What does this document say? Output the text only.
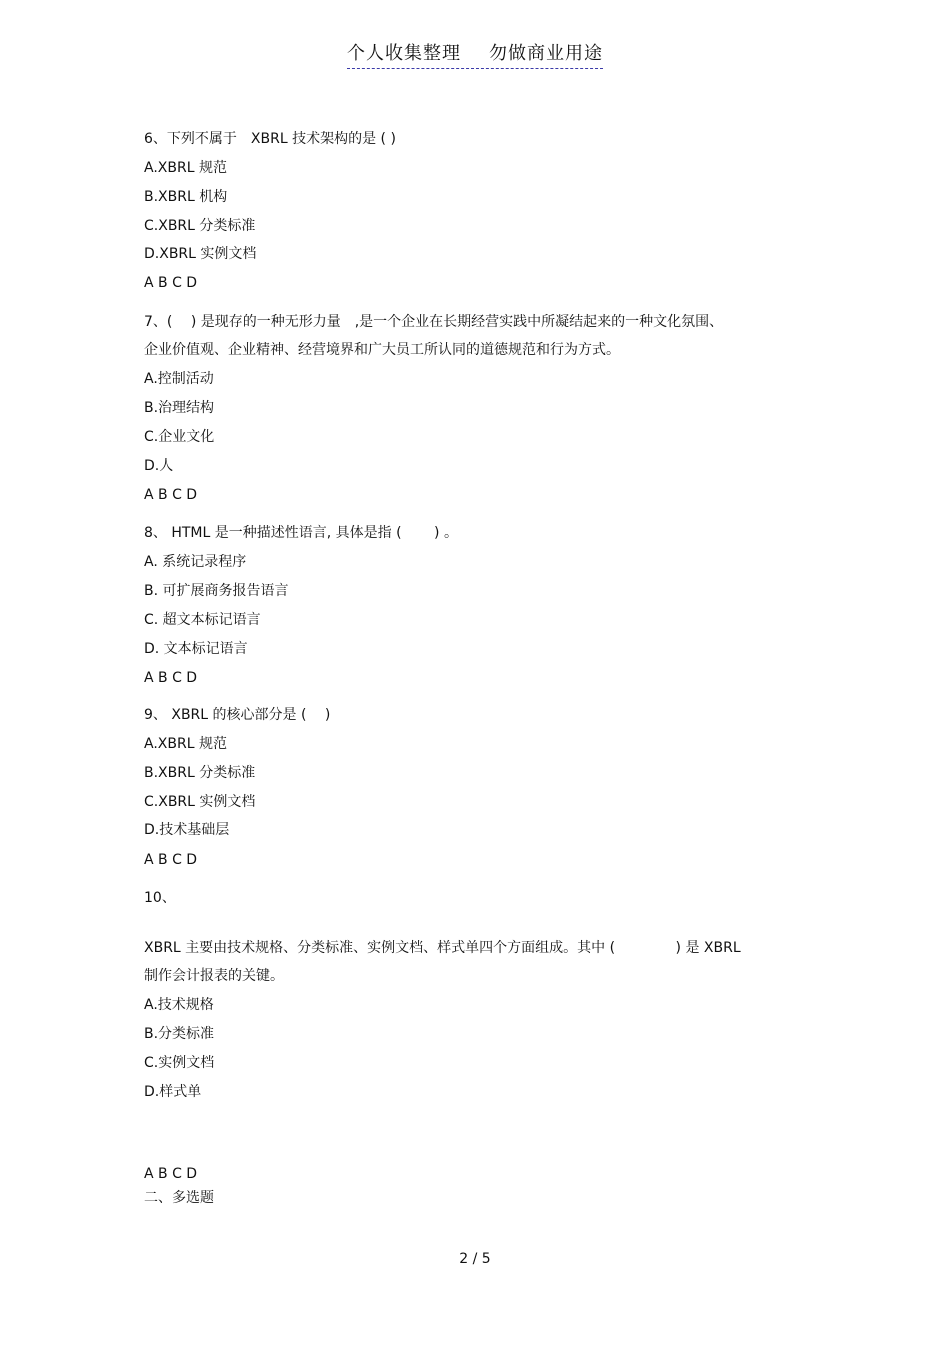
个人收集整理 勿做商业用途
6、下列不属于　XBRL 技术架构的是 ( )
A.XBRL 规范
B.XBRL 机构
C.XBRL 分类标准
D.XBRL 实例文档
A B C D
7、(　 ) 是现存的一种无形力量　,是一个企业在长期经营实践中所凝结起来的一种文化氛围、
企业价值观、企业精神、经营境界和广大员工所认同的道德规范和行为方式。
A.控制活动
B.治理结构
C.企业文化
D.人
A B C D
8、 HTML 是一种描述性语言, 具体是指 (　　 ) 。
A. 系统记录程序
B. 可扩展商务报告语言
C. 超文本标记语言
D. 文本标记语言
A B C D
9、 XBRL 的核心部分是 (　 )
A.XBRL 规范
B.XBRL 分类标准
C.XBRL 实例文档
D.技术基础层
A B C D
10、
XBRL 主要由技术规格、分类标准、实例文档、样式单四个方面组成。其中 (　　　　 ) 是 XBRL
制作会计报表的关键。
A.技术规格
B.分类标准
C.实例文档
D.样式单
A B C D
二、多选题
2 / 5
